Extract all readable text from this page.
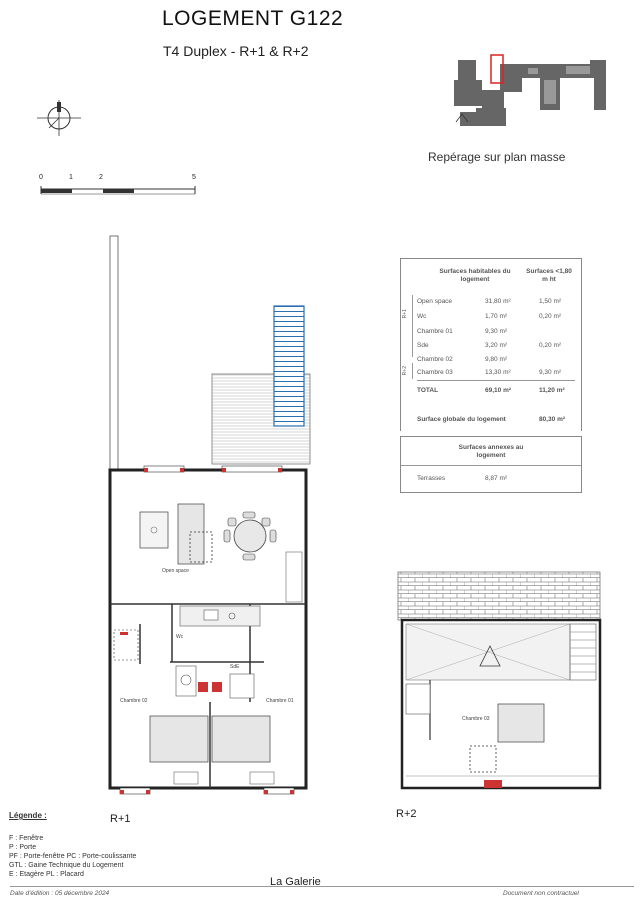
LOGEMENT G122
T4 Duplex - R+1 & R+2
0	1	2	5
Repérage sur plan masse
Surfaces habitables du logement
Surfaces <1,80 m ht
R+1
R+2
Open space	31,80 m²	1,50 m²
Wc	1,70 m²	0,20 m²
Chambre 01	9,30 m²
Sde	3,20 m²	0,20 m²
Chambre 02	9,80 m²
Chambre 03	13,30 m²	9,30 m²
TOTAL	69,10 m²	11,20 m²
Surface globale du logement	80,30 m²
Surfaces annexes au logement
Terrasses	8,87 m²
Open space
Chambre 02	Chambre 01
SdE
Wc
Chambre 03
R+1	R+2
Légende :
F : Fenêtre
P : Porte
PF : Porte-fenêtre PC : Porte-coulissante
GTL : Gaine Technique du Logement
E : Etagère PL : Placard
Date d'édition : 05 décembre 2024
La Galerie
Document non contractuel
